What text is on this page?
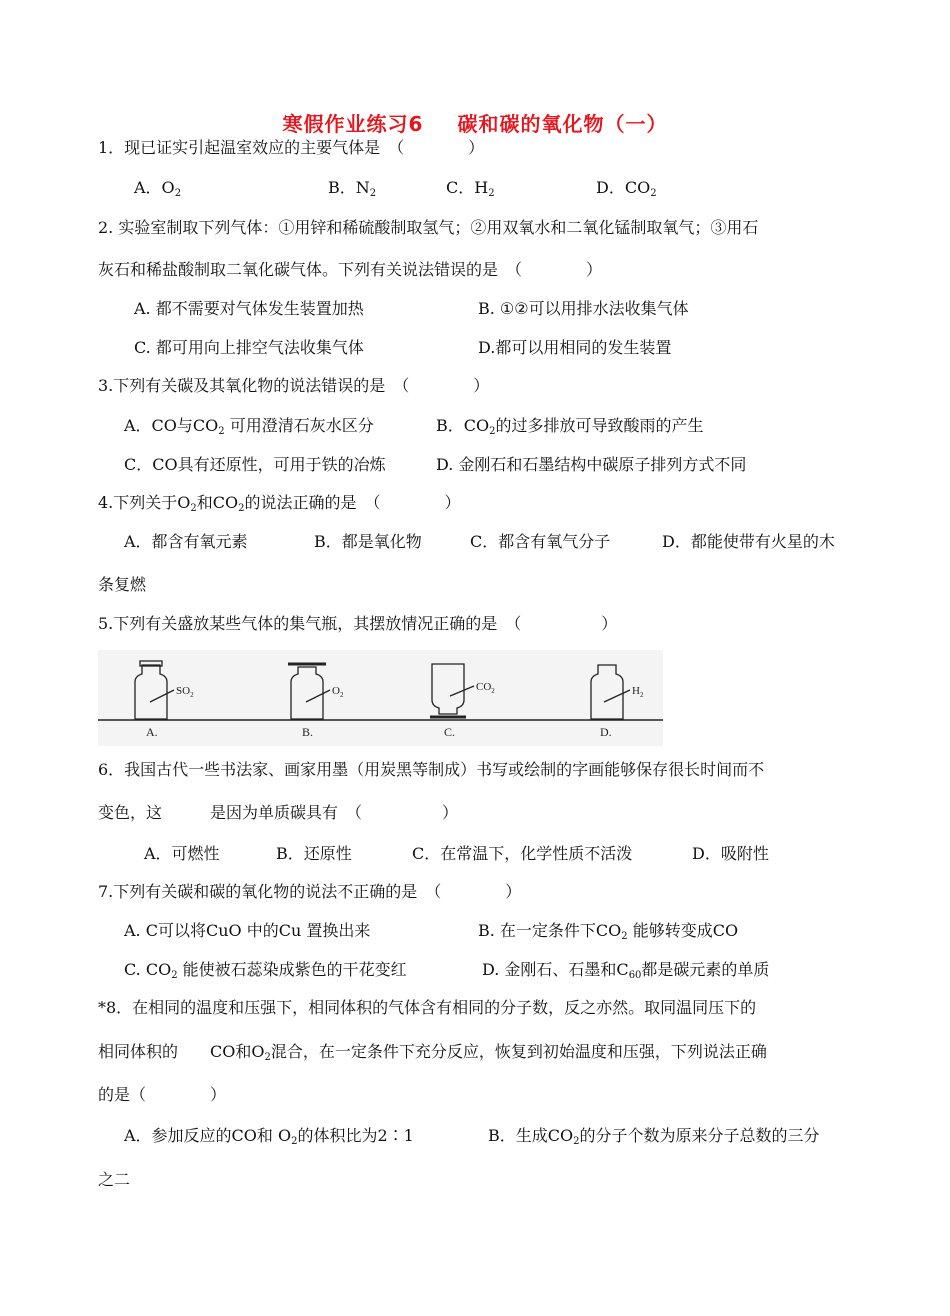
寒假作业练习6 碳和碳的氧化物（一）
1．现已证实引起温室效应的主要气体是　（　　　　）
A．$O_2$	B．$N_2$	C．$H_2$	D．$CO_2$
2. 实验室制取下列气体：①用锌和稀硫酸制取氢气；②用双氧水和二氧化锰制取氧气；③用石
灰石和稀盐酸制取二氧化碳气体。下列有关说法错误的是　（　　　　）
A. 都不需要对气体发生装置加热	B. ①②可以用排水法收集气体
C. 都可用向上排空气法收集气体	D.都可以用相同的发生装置
3.下列有关碳及其氧化物的说法错误的是　（　　　　）
A．CO与$CO_2$ 可用澄清石灰水区分	B．$CO_2$的过多排放可导致酸雨的产生
C．CO具有还原性，可用于铁的冶炼	D. 金刚石和石墨结构中碳原子排列方式不同
4.下列关于$O_2$和$CO_2$的说法正确的是　（　　　　）
A．都含有氧元素	B．都是氧化物	C．都含有氧气分子	D．都能使带有火星的木
条复燃
5.下列有关盛放某些气体的集气瓶，其摆放情况正确的是　（　　　　　）
$SO_2$
A.
$O_2$
B.
$CO_2$
C.
$H_2$
D.
6．我国古代一些书法家、画家用墨（用炭黑等制成）书写或绘制的字画能够保存很长时间而不
变色，这　　　是因为单质碳具有　（　　　　　）
A．可燃性	B．还原性	C．在常温下，化学性质不活泼	D．吸附性
7.下列有关碳和碳的氧化物的说法不正确的是　（　　　　）
A. C可以将CuO 中的Cu 置换出来	B. 在一定条件下$CO_2$ 能够转变成CO
C. $CO_2$ 能使被石蕊染成紫色的干花变红	D. 金刚石、石墨和$C_{60}$都是碳元素的单质
*8．在相同的温度和压强下，相同体积的气体含有相同的分子数，反之亦然。取同温同压下的
相同体积的　　CO和$O_2$混合，在一定条件下充分反应，恢复到初始温度和压强，下列说法正确
的是（　　　　）
A．参加反应的CO和 $O_2$的体积比为2∶1	B．生成$CO_2$的分子个数为原来分子总数的三分
之二
